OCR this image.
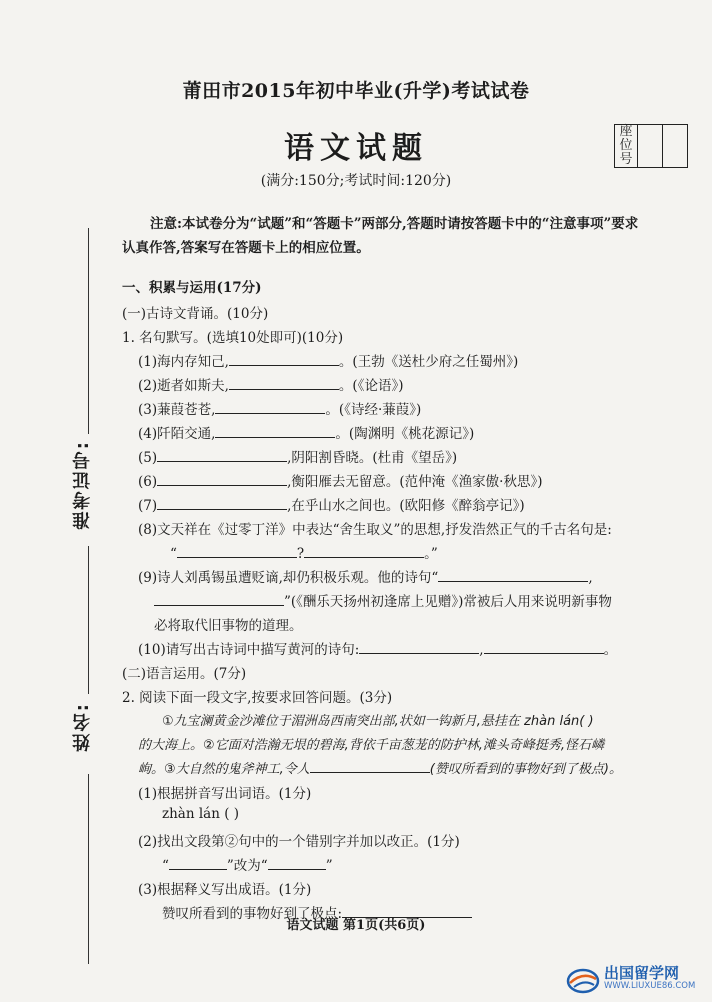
莆田市2015年初中毕业(升学)考试试卷
语文试题
(满分:150分;考试时间:120分)
座
位
号
注意:本试卷分为“试题”和“答题卡”两部分,答题时请按答题卡中的“注意事项”要求
认真作答,答案写在答题卡上的相应位置。
准考证号:
姓名:
一、积累与运用(17分)
(一)古诗文背诵。(10分)
1. 名句默写。(选填10处即可)(10分)
(1)海内存知己,	。(王勃《送杜少府之任蜀州》)
(2)逝者如斯夫,	。(《论语》)
(3)蒹葭苍苍,	。(《诗经·蒹葭》)
(4)阡陌交通,	。(陶渊明《桃花源记》)
(5)	,阴阳割昏晓。(杜甫《望岳》)
(6)	,衡阳雁去无留意。(范仲淹《渔家傲·秋思》)
(7)	,在乎山水之间也。(欧阳修《醉翁亭记》)
(8)文天祥在《过零丁洋》中表达“舍生取义”的思想,抒发浩然正气的千古名句是:
“	?	。”
(9)诗人刘禹锡虽遭贬谪,却仍积极乐观。他的诗句“	,
”(《酬乐天扬州初逢席上见赠》)常被后人用来说明新事物
必将取代旧事物的道理。
(10)请写出古诗词中描写黄河的诗句:	,	。
(二)语言运用。(7分)
2. 阅读下面一段文字,按要求回答问题。(3分)
①九宝澜黄金沙滩位于湄洲岛西南突出部,状如一钩新月,悬挂在 zhàn lán( )
的大海上。②它面对浩瀚无垠的碧海,背依千亩葱茏的防护林,滩头奇峰挺秀,怪石嶙
峋。③大自然的鬼斧神工,令人	(赞叹所看到的事物好到了极点)。
(1)根据拼音写出词语。(1分)
zhàn lán ( )
(2)找出文段第②句中的一个错别字并加以改正。(1分)
“	”改为“	”
(3)根据释义写出成语。(1分)
赞叹所看到的事物好到了极点:
语文试题 第1页(共6页)
出国留学网
WWW.LIUXUE86.COM
